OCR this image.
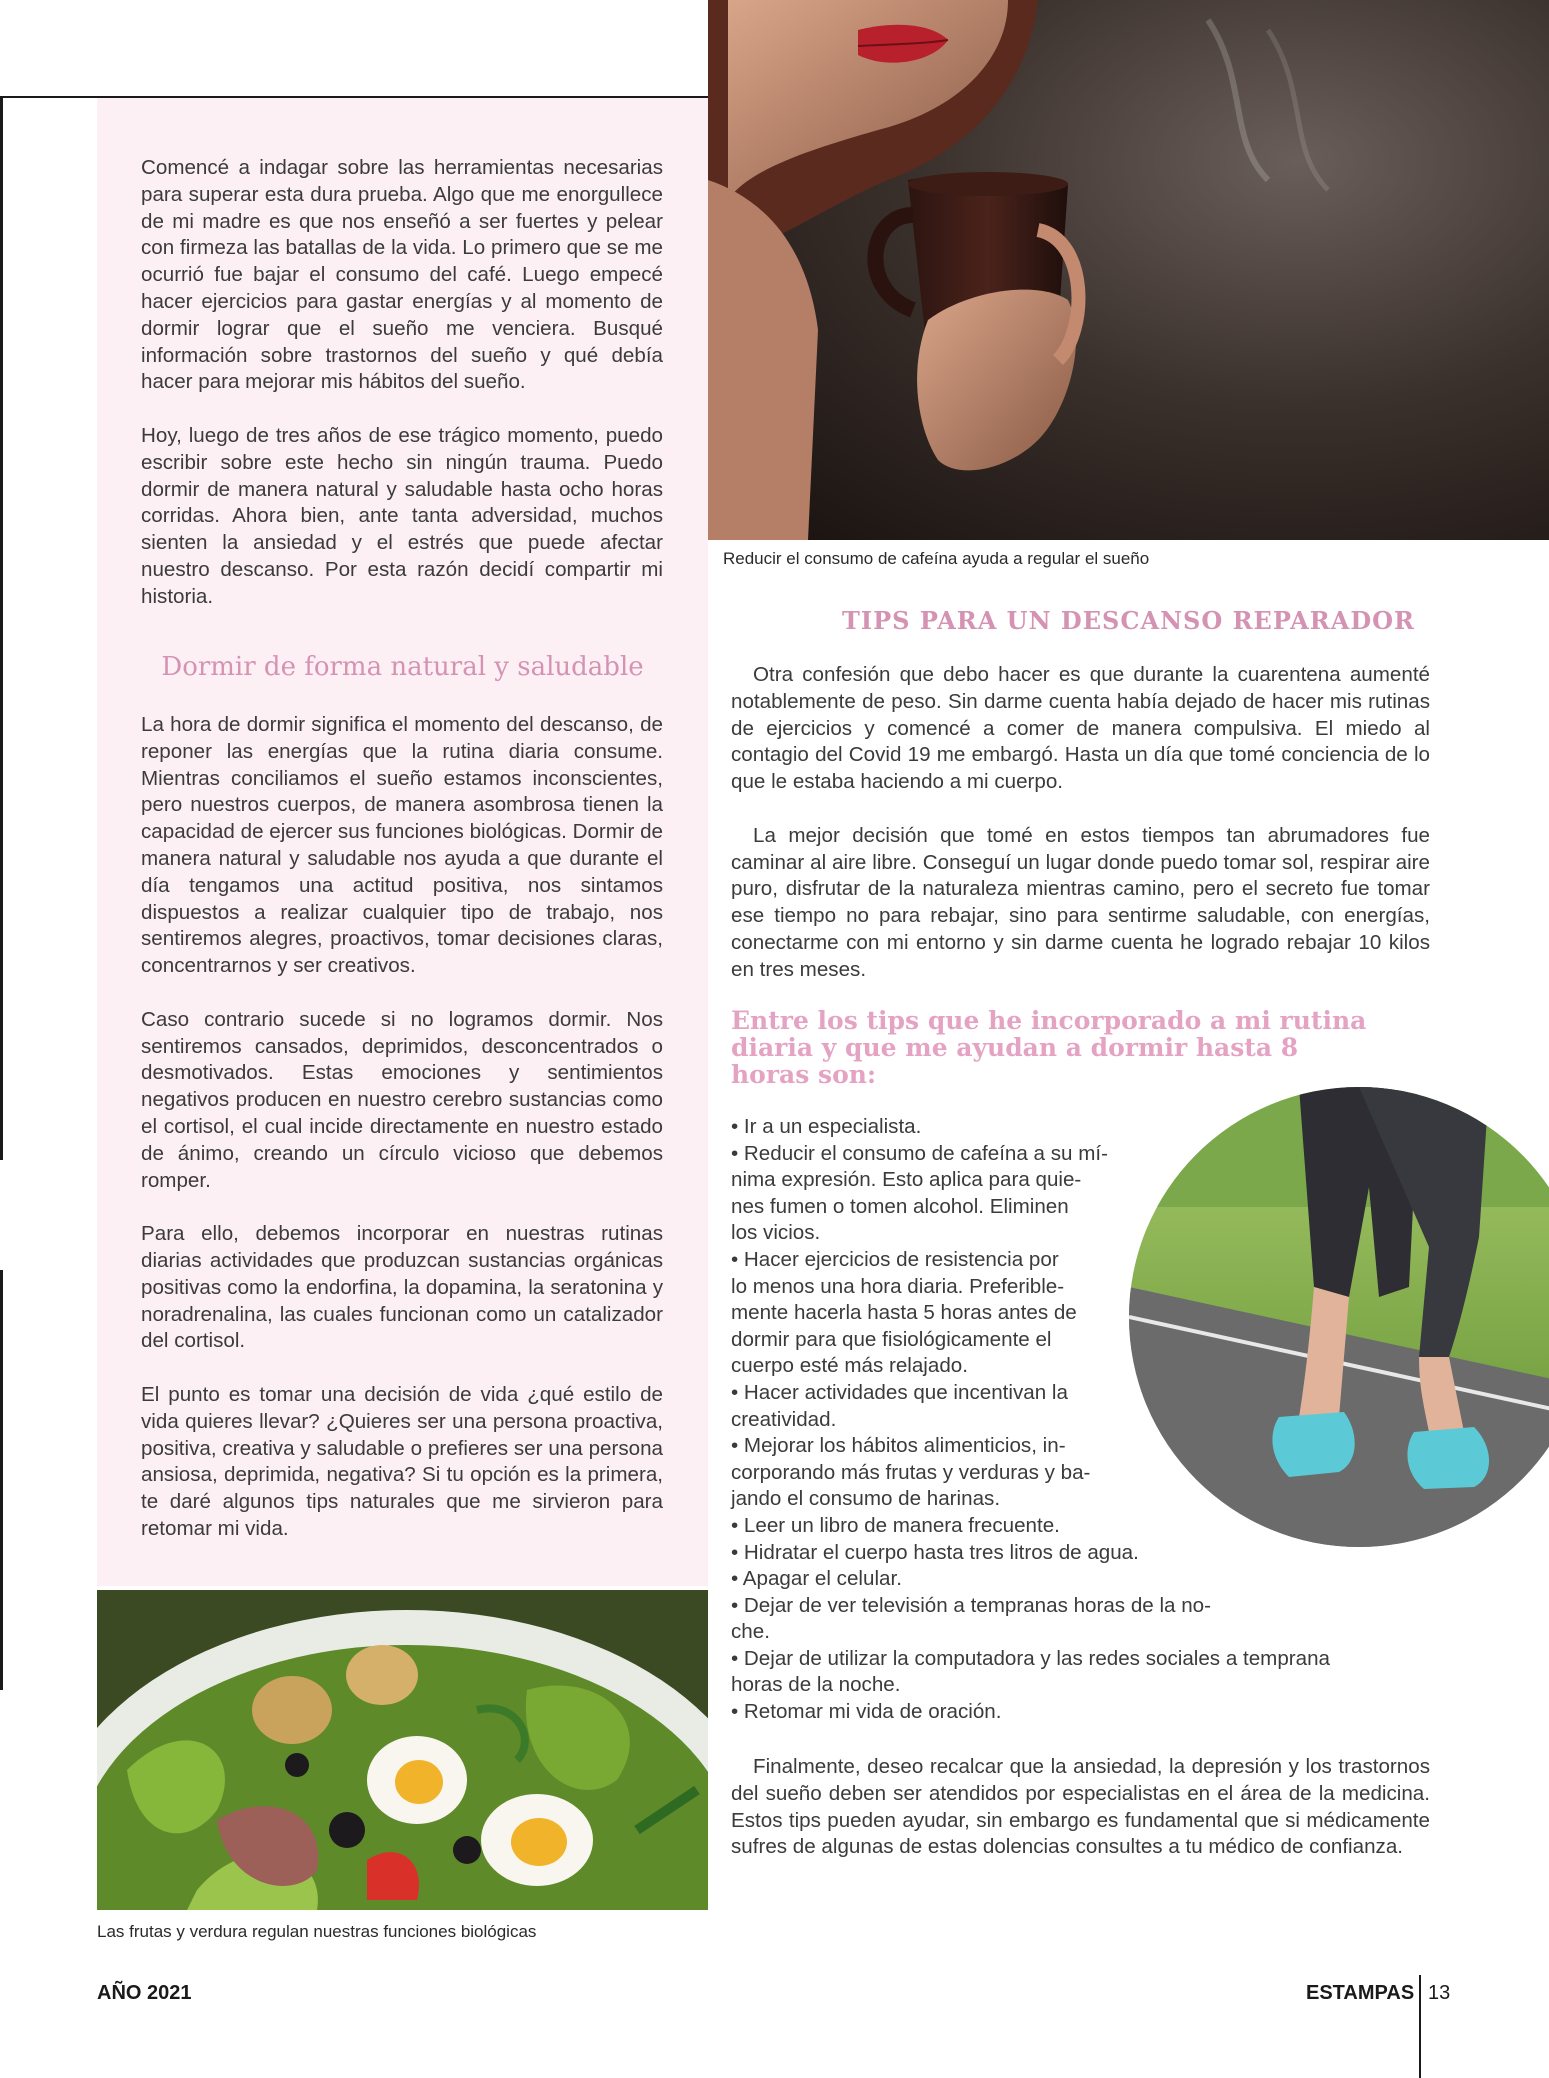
Comencé a indagar sobre las herramientas necesarias para superar esta dura prueba. Algo que me enorgullece de mi madre es que nos enseñó a ser fuertes y pelear con firmeza las batallas de la vida. Lo primero que se me ocurrió fue bajar el consumo del café. Luego empecé hacer ejercicios para gastar energías y al momento de dormir lograr que el sueño me venciera. Busqué información sobre trastornos del sueño y qué debía hacer para mejorar mis hábitos del sueño.

Hoy, luego de tres años de ese trágico momento, puedo escribir sobre este hecho sin ningún trauma. Puedo dormir de manera natural y saludable hasta ocho horas corridas. Ahora bien, ante tanta adversidad, muchos sienten la ansiedad y el estrés que puede afectar nuestro descanso. Por esta razón decidí compartir mi historia.

Dormir de forma natural y saludable

La hora de dormir significa el momento del descanso, de reponer las energías que la rutina diaria consume. Mientras conciliamos el sueño estamos inconscientes, pero nuestros cuerpos, de manera asombrosa tienen la capacidad de ejercer sus funciones biológicas. Dormir de manera natural y saludable nos ayuda a que durante el día tengamos una actitud positiva, nos sintamos dispuestos a realizar cualquier tipo de trabajo, nos sentiremos alegres, proactivos, tomar decisiones claras, concentrarnos y ser creativos.

Caso contrario sucede si no logramos dormir. Nos sentiremos cansados, deprimidos, desconcentrados o desmotivados. Estas emociones y sentimientos negativos producen en nuestro cerebro sustancias como el cortisol, el cual incide directamente en nuestro estado de ánimo, creando un círculo vicioso que debemos romper.

Para ello, debemos incorporar en nuestras rutinas diarias actividades que produzcan sustancias orgánicas positivas como la endorfina, la dopamina, la seratonina y noradrenalina, las cuales funcionan como un catalizador del cortisol.

El punto es tomar una decisión de vida ¿qué estilo de vida quieres llevar? ¿Quieres ser una persona proactiva, positiva, creativa y saludable o prefieres ser una persona ansiosa, deprimida, negativa? Si tu opción es la primera, te daré algunos tips naturales que me sirvieron para retomar mi vida.

Reducir el consumo de cafeína ayuda a regular el sueño
TIPS PARA UN DESCANSO REPARADOR

Otra confesión que debo hacer es que durante la cuarentena aumenté notablemente de peso. Sin darme cuenta había dejado de hacer mis rutinas de ejercicios y comencé a comer de manera compulsiva. El miedo al contagio del Covid 19 me embargó. Hasta un día que tomé conciencia de lo que le estaba haciendo a mi cuerpo.

La mejor decisión que tomé en estos tiempos tan abrumadores fue caminar al aire libre. Conseguí un lugar donde puedo tomar sol, respirar aire puro, disfrutar de la naturaleza mientras camino, pero el secreto fue tomar ese tiempo no para rebajar, sino para sentirme saludable, con energías, conectarme con mi entorno y sin darme cuenta he logrado rebajar 10 kilos en tres meses.

Entre los tips que he incorporado a mi rutina diaria y que me ayudan a dormir hasta 8 horas son:
• Ir a un especialista.
• Reducir el consumo de cafeína a su mí-
nima expresión. Esto aplica para quie-
nes fumen o tomen alcohol. Eliminen
los vicios.
• Hacer ejercicios de resistencia por
lo menos una hora diaria. Preferible-
mente hacerla hasta 5 horas antes de
dormir para que fisiológicamente el
cuerpo esté más relajado.
• Hacer actividades que incentivan la
creatividad.
• Mejorar los hábitos alimenticios, in-
corporando más frutas y verduras y ba-
jando el consumo de harinas.
• Leer un libro de manera frecuente.
• Hidratar el cuerpo hasta tres litros de agua.
• Apagar el celular.
• Dejar de ver televisión a tempranas horas de la no-
che.
• Dejar de utilizar la computadora y las redes sociales a temprana
horas de la noche.
• Retomar mi vida de oración.

Finalmente, deseo recalcar que la ansiedad, la depresión y los trastornos del sueño deben ser atendidos por especialistas en el área de la medicina. Estos tips pueden ayudar, sin embargo es fundamental que si médicamente sufres de algunas de estas dolencias consultes a tu médico de confianza.

Las frutas y verdura regulan nuestras funciones biológicas
AÑO 2021	ESTAMPAS 13
